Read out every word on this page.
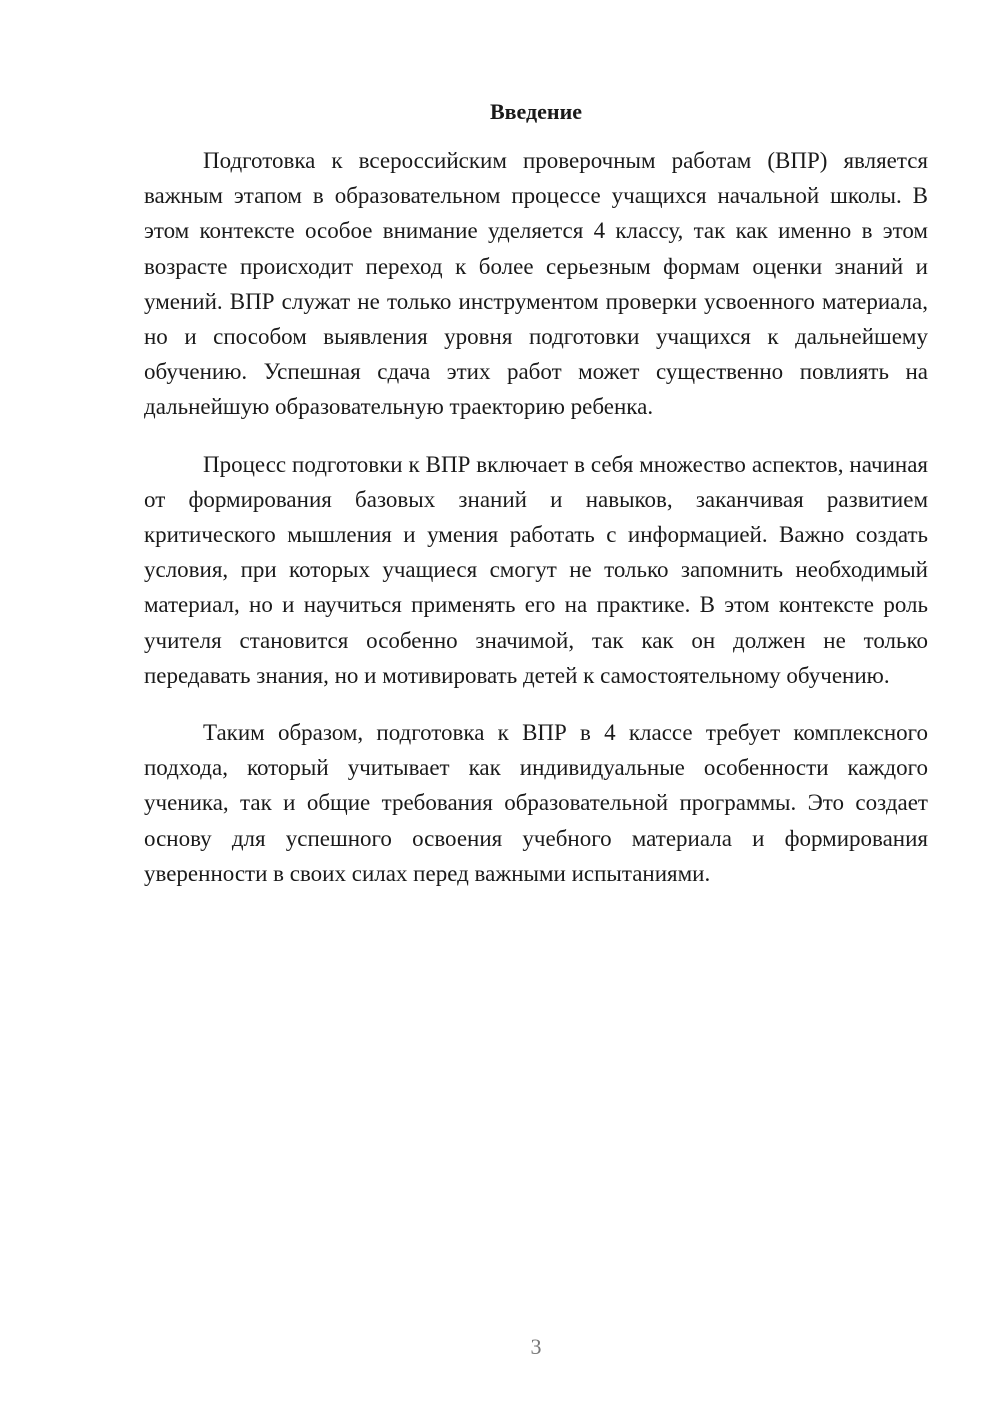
Введение

Подготовка к всероссийским проверочным работам (ВПР) является важным этапом в образовательном процессе учащихся начальной школы. В этом контексте особое внимание уделяется 4 классу, так как именно в этом возрасте происходит переход к более серьезным формам оценки знаний и умений. ВПР служат не только инструментом проверки усвоенного материала, но и способом выявления уровня подготовки учащихся к дальнейшему обучению. Успешная сдача этих работ может существенно повлиять на дальнейшую образовательную траекторию ребенка.

Процесс подготовки к ВПР включает в себя множество аспектов, начиная от формирования базовых знаний и навыков, заканчивая развитием критического мышления и умения работать с информацией. Важно создать условия, при которых учащиеся смогут не только запомнить необходимый материал, но и научиться применять его на практике. В этом контексте роль учителя становится особенно значимой, так как он должен не только передавать знания, но и мотивировать детей к самостоятельному обучению.

Таким образом, подготовка к ВПР в 4 классе требует комплексного подхода, который учитывает как индивидуальные особенности каждого ученика, так и общие требования образовательной программы. Это создает основу для успешного освоения учебного материала и формирования уверенности в своих силах перед важными испытаниями.

3
